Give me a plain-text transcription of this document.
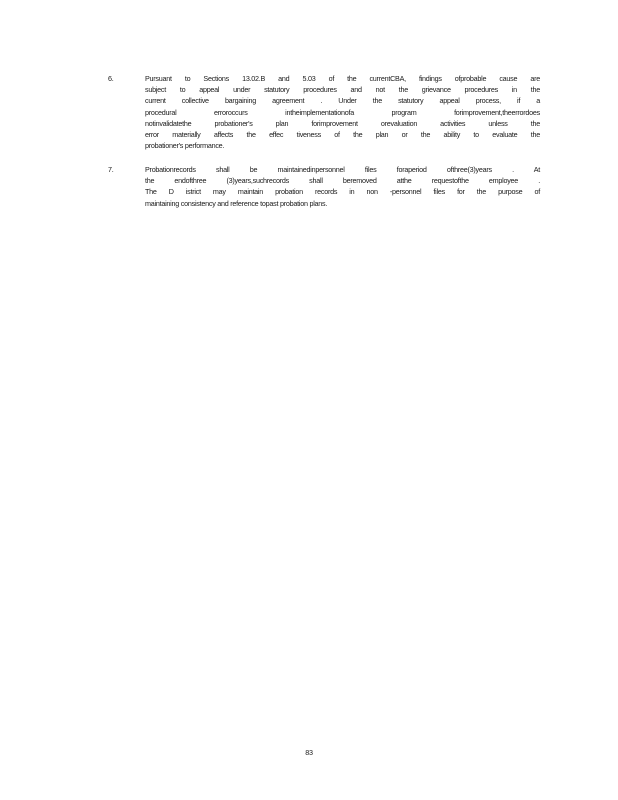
6.	Pursuant to Sections 13.02.B and 5.03 of the currentCBA, findings ofprobable cause are
subject to appeal under statutory procedures and not the grievance procedures in the
current collective bargaining agreement . Under the statutory appeal process, if a
procedural erroroccurs intheimplementationofa program forimprovement,theerrordoes
notinvalidatethe probationer's plan forimprovement orevaluation activities unless the
error materially affects the effec tiveness of the plan or the ability to evaluate the
probationer's performance.
7.	Probationrecords shall be maintainedinpersonnel files foraperiod ofthree(3)years . At
the endofthree (3)years,suchrecords shall beremoved atthe requestofthe employee .
The D istrict may maintain probation records in non -personnel files for the purpose of
maintaining consistency and reference topast probation plans.
83
